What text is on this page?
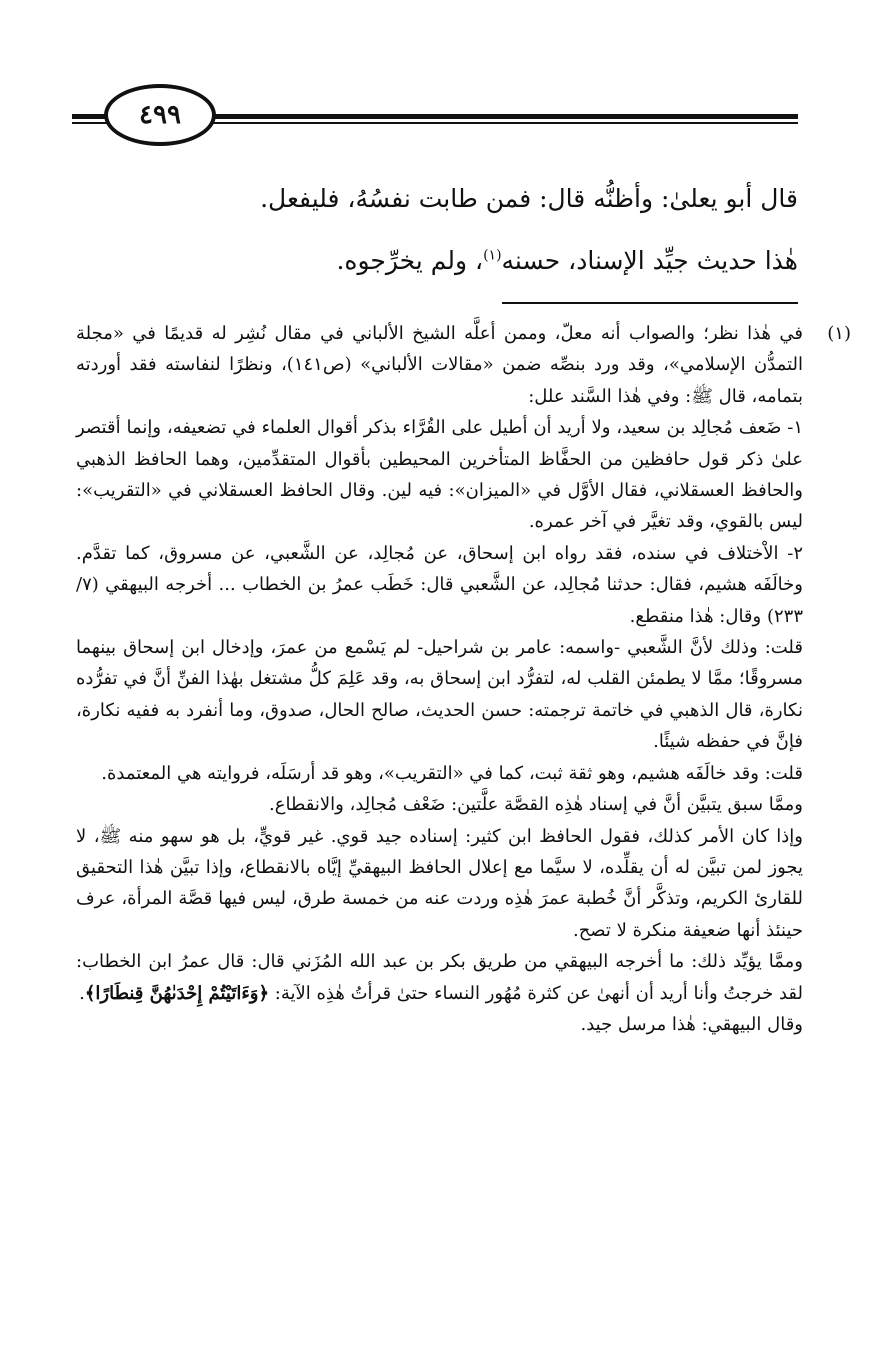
٤٩٩

قال أبو يعلىٰ: وأظنُّه قال: فمن طابت نفسُهُ، فليفعل.

هٰذا حديث جيِّد الإسناد، حسنه$^{(١)}$، ولم يخرِّجوه.

(١)

في هٰذا نظر؛ والصواب أنه معلّ، وممن أعلَّه الشيخ الألباني في مقال نُشِر له قديمًا في «مجلة التمدُّن الإسلامي»، وقد ورد بنصِّه ضمن «مقالات الألباني» (ص١٤١)، ونظرًا لنفاسته فقد أوردته بتمامه، قال ﷺ: وفي هٰذا السَّند علل:

١- ضَعف مُجالِد بن سعيد، ولا أريد أن أطيل على القُرَّاء بذكر أقوال العلماء في تضعيفه، وإنما أقتصر علىٰ ذكر قول حافظين من الحفَّاظ المتأخرين المحيطين بأقوال المتقدِّمين، وهما الحافظ الذهبي والحافظ العسقلاني، فقال الأوَّل في «الميزان»: فيه لين. وقال الحافظ العسقلاني في «التقريب»: ليس بالقوي، وقد تغيَّر في آخر عمره.

٢- الاْختلاف في سنده، فقد رواه ابن إسحاق، عن مُجالِد، عن الشَّعبي، عن مسروق، كما تقدَّم. وخالَفَه هشيم، فقال: حدثنا مُجالِد، عن الشَّعبي قال: خَطَب عمرُ بن الخطاب ... أخرجه البيهقي (٧/ ٢٣٣) وقال: هٰذا منقطع.

قلت: وذلك لأنَّ الشَّعبي -واسمه: عامر بن شراحيل- لم يَسْمع من عمرَ، وإدخال ابن إسحاق بينهما مسروقًا؛ ممَّا لا يطمئن القلب له، لتفرُّد ابن إسحاق به، وقد عَلِمَ كلُّ مشتغل بهٰذا الفنِّ أنَّ في تفرُّده نكارة، قال الذهبي في خاتمة ترجمته: حسن الحديث، صالح الحال، صدوق، وما أنفرد به ففيه نكارة، فإنَّ في حفظه شيئًا.

قلت: وقد خالَفَه هشيم، وهو ثقة ثبت، كما في «التقريب»، وهو قد أرسَلَه، فروايته هي المعتمدة.

وممَّا سبق يتبيَّن أنَّ في إسناد هٰذِه القصَّة علَّتين: ضَعْف مُجالِد، والانقطاع.

وإذا كان الأمر كذلك، فقول الحافظ ابن كثير: إسناده جيد قوي. غير قويٍّ، بل هو سهو منه ﷺ، لا يجوز لمن تبيَّن له أن يقلِّده، لا سيَّما مع إعلال الحافظ البيهقيِّ إيَّاه بالانقطاع، وإذا تبيَّن هٰذا التحقيق للقارئ الكريم، وتذكَّر أنَّ خُطبة عمرَ هٰذِه وردت عنه من خمسة طرق، ليس فيها قصَّة المرأة، عرف حينئذ أنها ضعيفة منكرة لا تصح.

وممَّا يؤيِّد ذلك: ما أخرجه البيهقي من طريق بكر بن عبد الله المُزَني قال: قال عمرُ ابن الخطاب: لقد خرجتُ وأنا أريد أن أنهىٰ عن كثرة مُهُور النساء حتىٰ قرأتُ هٰذِه الآية: ﴿وَءَاتَيْتُمْ إِحْدَىٰهُنَّ قِنطَارًا﴾.

وقال البيهقي: هٰذا مرسل جيد.
